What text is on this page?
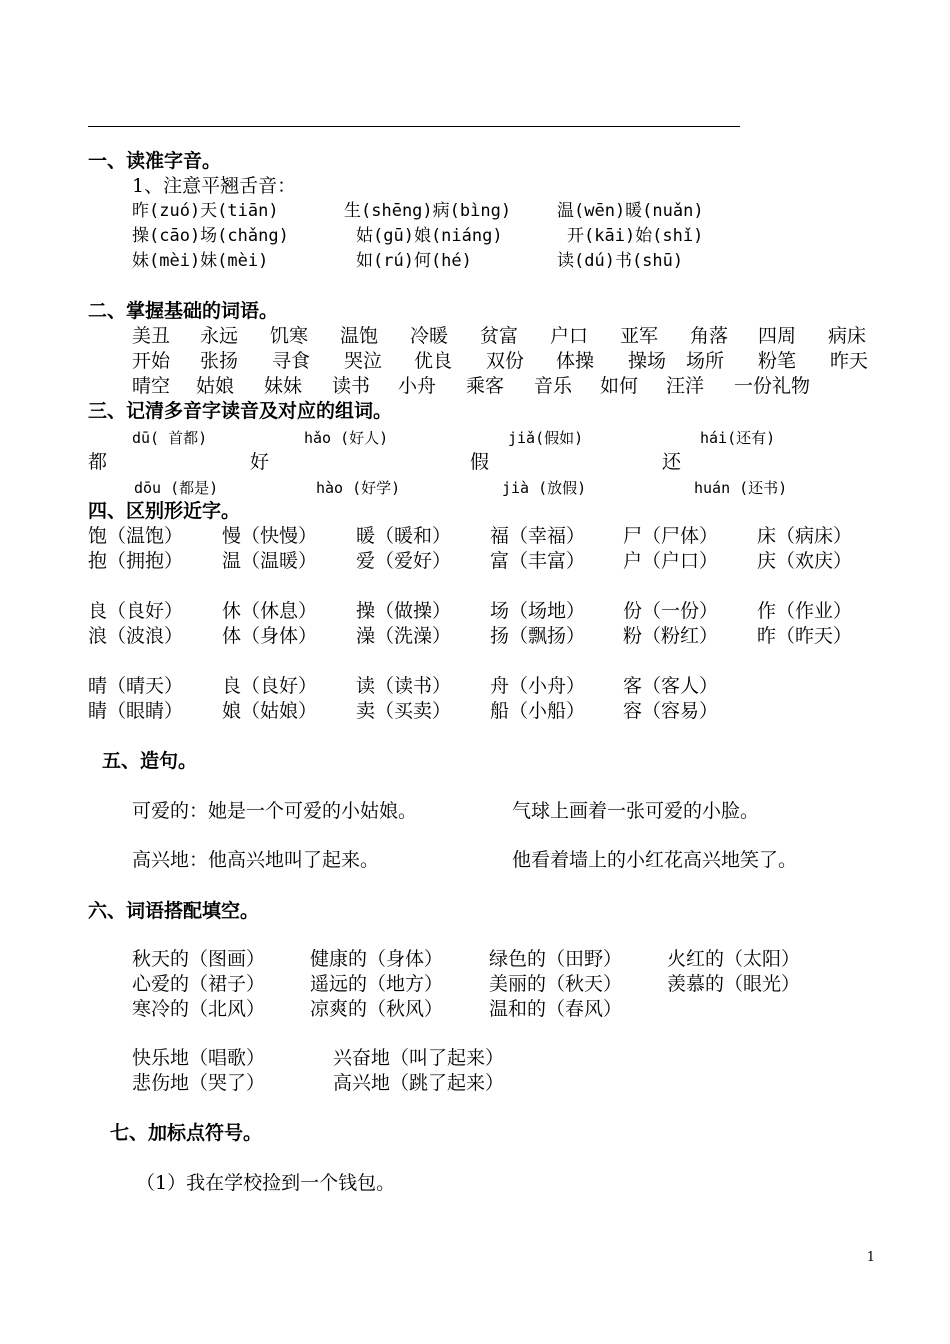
一、读准字音。
1、注意平翘舌音：
昨(zuó)天(tiān)	生(shēng)病(bìng)	温(wēn)暖(nuǎn)
操(cāo)场(chǎng)	姑(gū)娘(niáng)	开(kāi)始(shǐ)
妹(mèi)妹(mèi)	如(rú)何(hé)	读(dú)书(shū)
二、掌握基础的词语。
美丑 永远 饥寒 温饱 冷暖 贫富 户口 亚军 角落 四周 病床
开始 张扬 寻食 哭泣 优良 双份 体操 操场 场所 粉笔 昨天
晴空 姑娘 妹妹 读书 小舟 乘客 音乐 如何 汪洋 一份礼物
三、记清多音字读音及对应的组词。
dū( 首都)	hǎo (好人)	jiǎ(假如)	hái(还有)
都	好	假	还
dōu (都是)	hào (好学)	jià (放假)	huán (还书)
四、区别形近字。
饱（温饱） 慢（快慢） 暖（暖和） 福（幸福） 尸（尸体） 床（病床）
抱（拥抱） 温（温暖） 爱（爱好） 富（丰富） 户（户口） 庆（欢庆）
良（良好） 休（休息） 操（做操） 场（场地） 份（一份） 作（作业）
浪（波浪） 体（身体） 澡（洗澡） 扬（飘扬） 粉（粉红） 昨（昨天）
晴（晴天） 良（良好） 读（读书） 舟（小舟） 客（客人）
睛（眼睛） 娘（姑娘） 卖（买卖） 船（小船） 容（容易）
五、造句。
可爱的：她是一个可爱的小姑娘。	气球上画着一张可爱的小脸。
高兴地：他高兴地叫了起来。	他看着墙上的小红花高兴地笑了。
六、词语搭配填空。
秋天的（图画） 健康的（身体） 绿色的（田野） 火红的（太阳）
心爱的（裙子） 遥远的（地方） 美丽的（秋天） 羡慕的（眼光）
寒冷的（北风） 凉爽的（秋风） 温和的（春风）
快乐地（唱歌）	兴奋地（叫了起来）
悲伤地（哭了）	高兴地（跳了起来）
七、加标点符号。
（1）我在学校捡到一个钱包。
1
